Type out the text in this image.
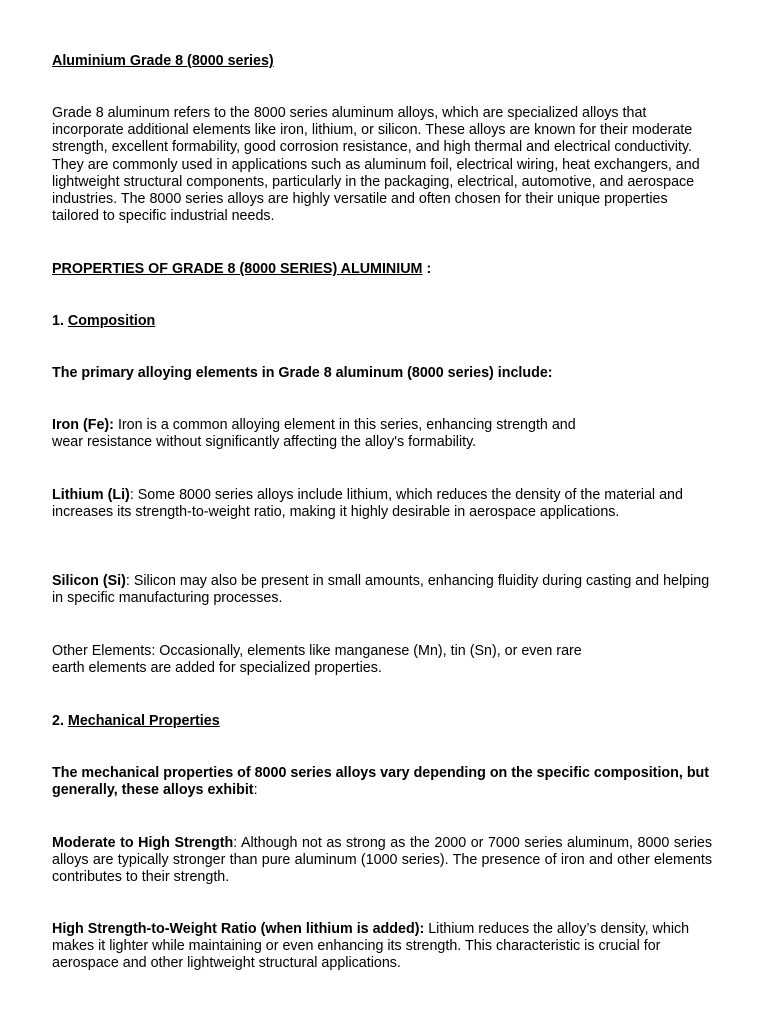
Aluminium Grade 8 (8000 series)

Grade 8 aluminum refers to the 8000 series aluminum alloys, which are specialized alloys that incorporate additional elements like iron, lithium, or silicon. These alloys are known for their moderate strength, excellent formability, good corrosion resistance, and high thermal and electrical conductivity. They are commonly used in applications such as aluminum foil, electrical wiring, heat exchangers, and lightweight structural components, particularly in the packaging, electrical, automotive, and aerospace industries. The 8000 series alloys are highly versatile and often chosen for their unique properties tailored to specific industrial needs.

PROPERTIES OF GRADE 8 (8000 SERIES) ALUMINIUM :

1. Composition

The primary alloying elements in Grade 8 aluminum (8000 series) include:

Iron (Fe): Iron is a common alloying element in this series, enhancing strength and
wear resistance without significantly affecting the alloy's formability.

Lithium (Li): Some 8000 series alloys include lithium, which reduces the density of the material and increases its strength-to-weight ratio, making it highly desirable in aerospace applications.

Silicon (Si): Silicon may also be present in small amounts, enhancing fluidity during casting and helping in specific manufacturing processes.

Other Elements: Occasionally, elements like manganese (Mn), tin (Sn), or even rare
earth elements are added for specialized properties.

2. Mechanical Properties

The mechanical properties of 8000 series alloys vary depending on the specific composition, but generally, these alloys exhibit:

Moderate to High Strength: Although not as strong as the 2000 or 7000 series aluminum, 8000 series alloys are typically stronger than pure aluminum (1000 series). The presence of iron and other elements contributes to their strength.

High Strength-to-Weight Ratio (when lithium is added): Lithium reduces the alloy’s density, which makes it lighter while maintaining or even enhancing its strength. This characteristic is crucial for aerospace and other lightweight structural applications.
